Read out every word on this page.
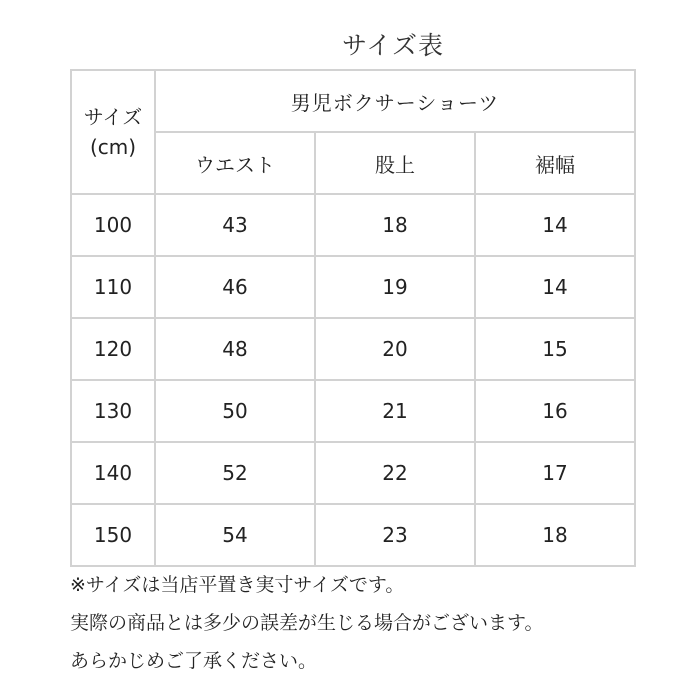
サイズ表
サイズ
(cm)	男児ボクサーショーツ		
	ウエスト	股上	裾幅
100	43	18	14
110	46	19	14
120	48	20	15
130	50	21	16
140	52	22	17
150	54	23	18
※サイズは当店平置き実寸サイズです。
実際の商品とは多少の誤差が生じる場合がございます。
あらかじめご了承ください。
